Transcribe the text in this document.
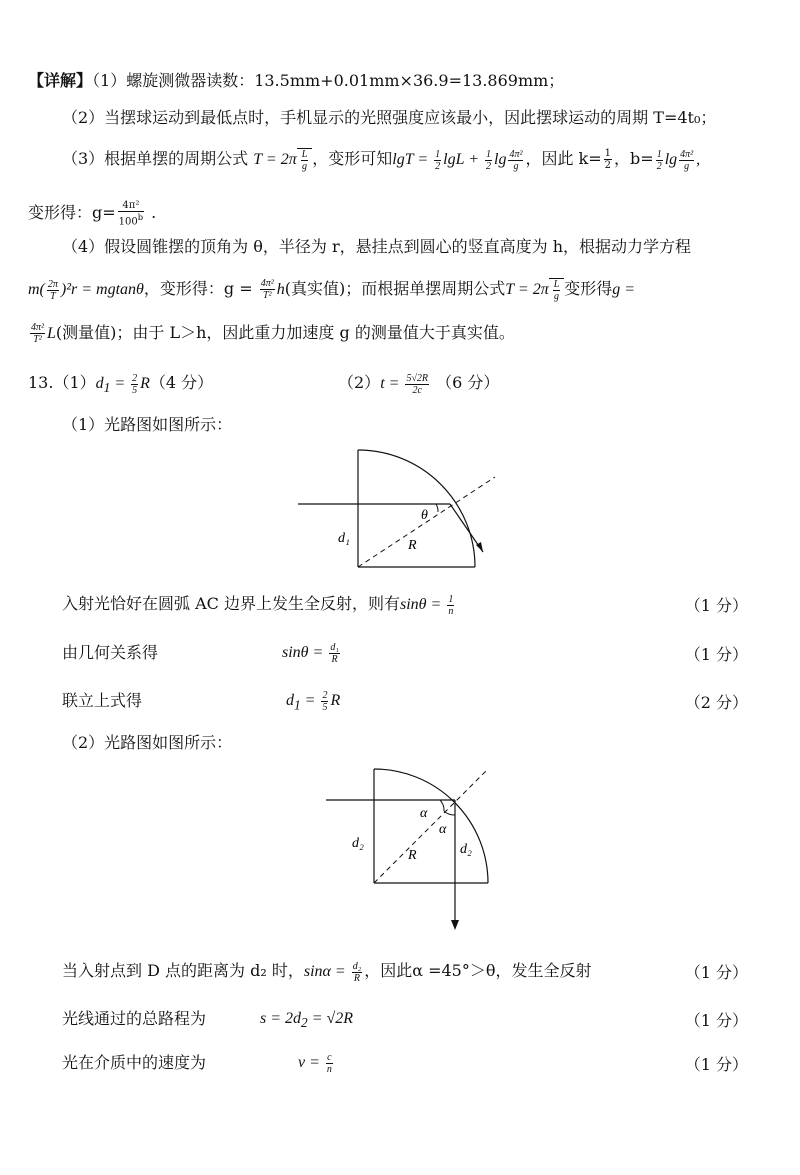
【详解】（1）螺旋测微器读数：13.5mm+0.01mm×36.9=13.869mm；
（2）当摆球运动到最低点时，手机显示的光照强度应该最小，因此摆球运动的周期 T=4t₀；
（3）根据单摆的周期公式 $T = 2\pi \frac{L}{g}$ ，变形可知$\lg T = \frac{1}{2}$ $\lg L + \frac{1}{2}$ $\lg \frac{\text{4π²}}{g}$ ，因此 $k= \frac{1}{2}$ ，$b= \frac{1}{2}$ $\lg \frac{\text{4π²}}{g}$ ,
变形得：$g= \frac{\text{4π²}}{100^b}$ .
（4）假设圆锥摆的顶角为 θ，半径为 r，悬挂点到圆心的竖直高度为 h，根据动力学方程
$m( \frac{2\pi}{T} )^2r = mgtan\theta$，变形得：$g = \frac{\text{4π²}}{\text{T²}} h$(真实值)；而根据单摆周期公式$T = 2\pi \frac{L}{g}$ 变形得g =
$\frac{\text{4π²}}{\text{T²}} L$(测量值)；由于 L＞h，因此重力加速度 g 的测量值大于真实值。
$13.(1)d_1 = \frac{2}{5} R(4$ 分）	$(2)t = \frac{5√2R}{2c} (6$ 分）
（1）光路图如图所示：
θ
d₁	R
入射光恰好在圆弧 AC 边界上发生全反射，则有$\sin\theta = \frac{1}{n}$	（1 分）
由几何关系得	$\sin\theta = \frac{\text{d₁}}{R}$	（1 分）
联立上式得	$d_1 = \frac{2}{5}$ R	（2 分）
（2）光路图如图所示：
α
α
d₂
R	d₂
当入射点到 D 点的距离为 d₂ 时，$\sin\alpha = \frac{\text{d₂}}{R}$ ，因此α =45°＞θ，发生全反射	（1 分）
光线通过的总路程为	$s = 2d_2 = √2R$	（1 分）
光在介质中的速度为	$v = \frac{c}{n}$	（1 分）
